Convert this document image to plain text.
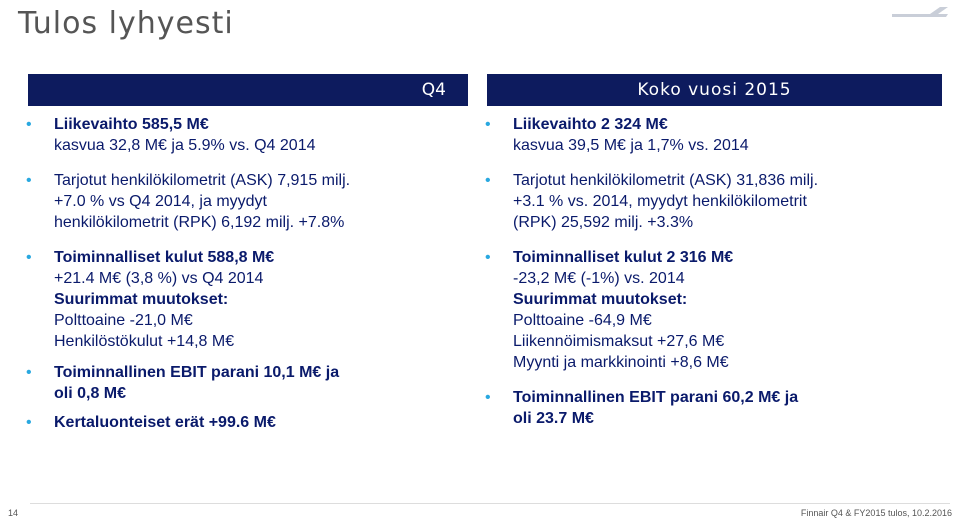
Tulos lyhyesti
Q4
• Liikevaihto 585,5 M€
kasvua 32,8 M€ ja 5.9% vs. Q4 2014
• Tarjotut henkilökilometrit (ASK) 7,915 milj.
+7.0 % vs Q4 2014, ja myydyt
henkilökilometrit (RPK) 6,192 milj. +7.8%
• Toiminnalliset kulut 588,8 M€
+21.4 M€ (3,8 %) vs Q4 2014
Suurimmat muutokset:
Polttoaine -21,0 M€
Henkilöstökulut +14,8 M€
• Toiminnallinen EBIT parani 10,1 M€ ja
oli 0,8 M€
• Kertaluonteiset erät +99.6 M€
Koko vuosi 2015
• Liikevaihto 2 324 M€
kasvua 39,5 M€ ja 1,7% vs. 2014
• Tarjotut henkilökilometrit (ASK) 31,836 milj.
+3.1 % vs. 2014, myydyt henkilökilometrit
(RPK) 25,592 milj. +3.3%
• Toiminnalliset kulut 2 316 M€
-23,2 M€ (-1%) vs. 2014
Suurimmat muutokset:
Polttoaine -64,9 M€
Liikennöimismaksut +27,6 M€
Myynti ja markkinointi +8,6 M€
• Toiminnallinen EBIT parani 60,2 M€ ja
oli 23.7 M€
14	Finnair Q4 & FY2015 tulos, 10.2.2016
